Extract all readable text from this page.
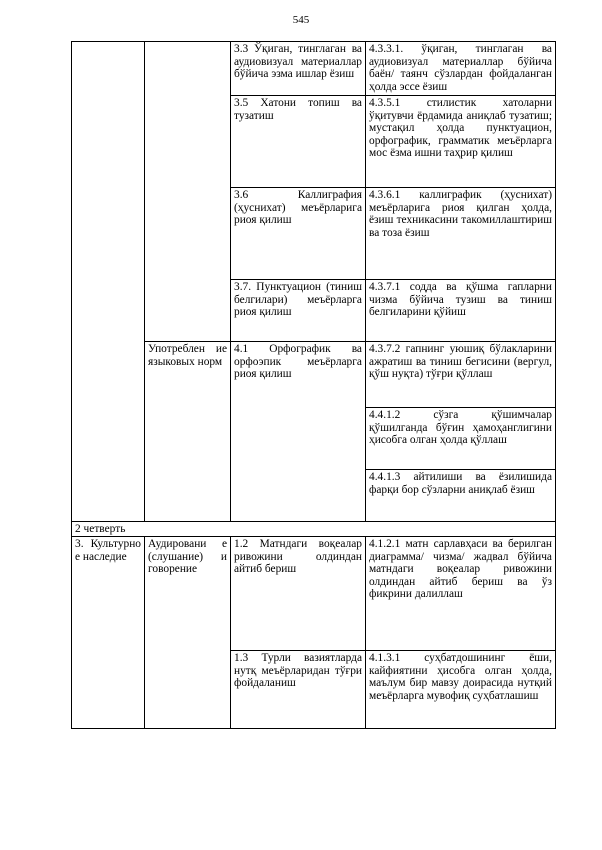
545
		3.3 Ўқиган, тинглаган ва аудиовизуал материаллар бўйича эзма ишлар ёзиш	4.3.3.1. ўқиган, тинглаган ва аудиовизуал материаллар бўйича баён/ таянч сўзлардан фойдаланган ҳолда эссе ёзиш
		3.5 Хатони топиш ва тузатиш	4.3.5.1 стилистик хатоларни ўқитувчи ёрдамида аниқлаб тузатиш; мустақил ҳолда пунктуацион, орфографик, грамматик меъёрларга мос ёзма ишни таҳрир қилиш
		3.6 Каллиграфия (ҳуснихат) меъёрларига риоя қилиш	4.3.6.1 каллиграфик (ҳуснихат) меъёрларига риоя қилган ҳолда, ёзиш техникасини такомиллаштириш ва тоза ёзиш
		3.7. Пунктуацион (тиниш белгилари) меъёрларга риоя қилиш	4.3.7.1 содда ва қўшма гапларни чизма бўйича тузиш ва тиниш белгиларини қўйиш
	Употреблен ие языковых норм	4.1 Орфографик ва орфоэпик меъёрларга риоя қилиш	4.3.7.2 гапнинг уюшиқ бўлакларини ажратиш ва тиниш бегисини (вергул, қўш нуқта) тўғри қўллаш
			4.4.1.2 сўзга қўшимчалар қўшилганда бўғин ҳамоҳанглигини ҳисобга олган ҳолда қўллаш
			4.4.1.3 айтилиши ва ёзилишида фарқи бор сўзларни аниқлаб ёзиш
2 четверть			
3. Культурно е наследие	Аудировани е (слушание) и говорение	1.2 Матндаги воқеалар ривожини олдиндан айтиб бериш	4.1.2.1 матн сарлавҳаси ва берилган диаграмма/ чизма/ жадвал бўйича матндаги воқеалар ривожини олдиндан айтиб бериш ва ўз фикрини далиллаш
		1.3 Турли вазиятларда нутқ меъёрларидан тўғри фойдаланиш	4.1.3.1 суҳбатдошининг ёши, кайфиятини ҳисобга олган ҳолда, маълум бир мавзу доирасида нутқий меъёрларга мувофиқ суҳбатлашиш
